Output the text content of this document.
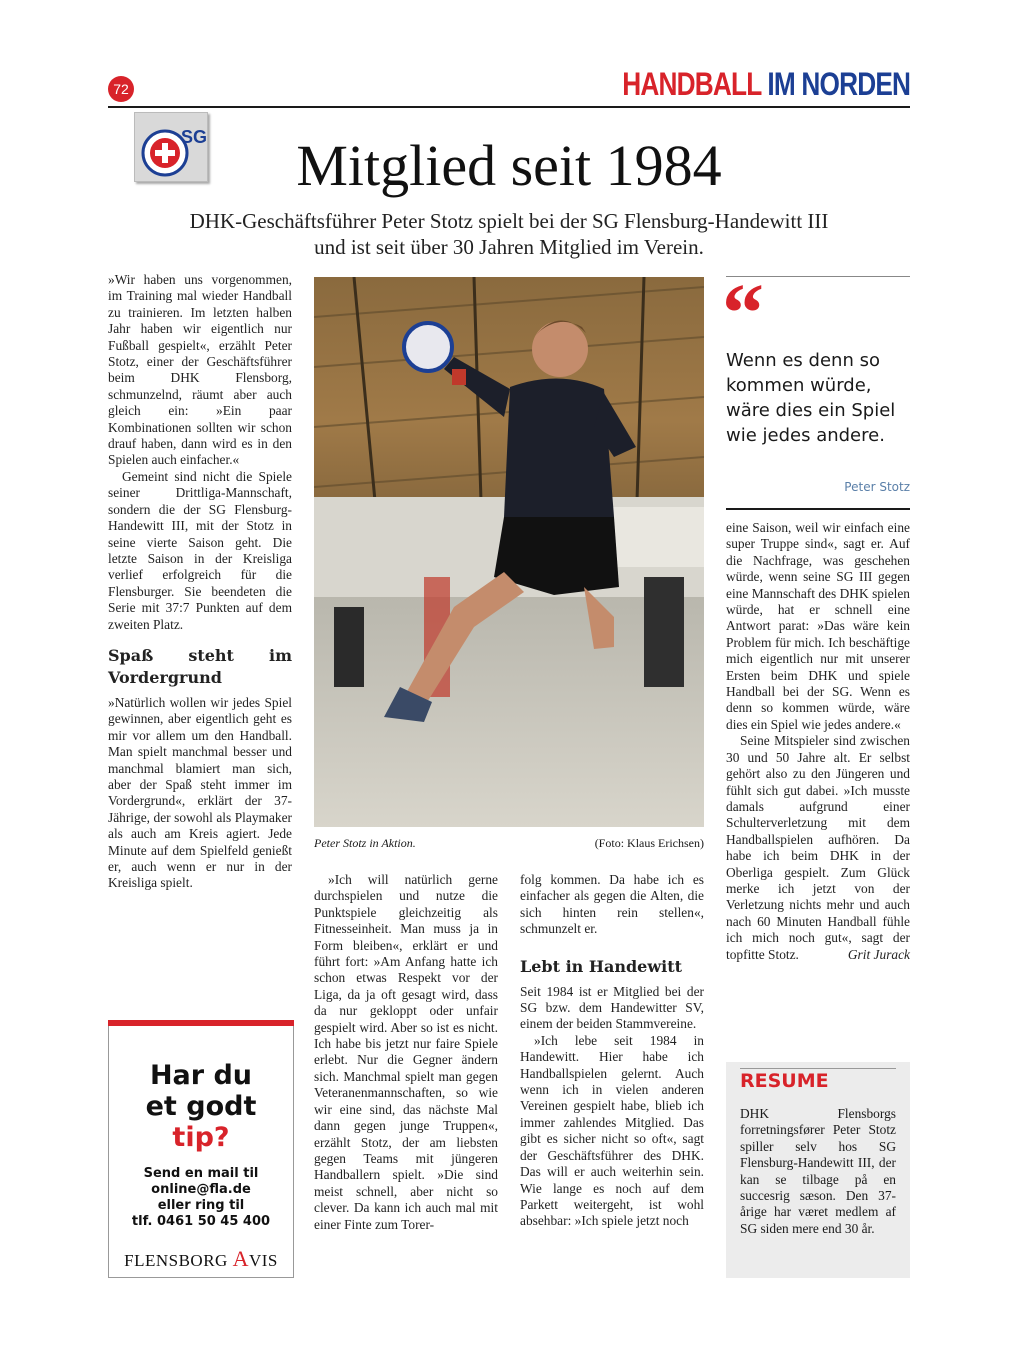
72	HANDBALL IM NORDEN
SG	Mitglied seit 1984
DHK-Geschäftsführer Peter Stotz spielt bei der SG Flensburg-Handewitt III
und ist seit über 30 Jahren Mitglied im Verein.

»Wir haben uns vorgenommen, im Training mal wieder Handball zu trainieren. Im letzten halben Jahr haben wir eigentlich nur Fußball gespielt«, erzählt Peter Stotz, einer der Geschäftsführer beim DHK Flensborg, schmunzelnd, räumt aber auch gleich ein: »Ein paar Kombinationen sollten wir schon drauf haben, dann wird es in den Spielen auch einfacher.«

Gemeint sind nicht die Spiele seiner Drittliga-Mannschaft, sondern die der SG Flensburg-Handewitt III, mit der Stotz in seine vierte Saison geht. Die letzte Saison in der Kreisliga verlief erfolgreich für die Flensburger. Sie beendeten die Serie mit 37:7 Punkten auf dem zweiten Platz.

Spaß steht im Vordergrund

»Natürlich wollen wir jedes Spiel gewinnen, aber eigentlich geht es mir vor allem um den Handball. Man spielt manchmal besser und manchmal blamiert man sich, aber der Spaß steht immer im Vordergrund«, erklärt der 37-Jährige, der sowohl als Playmaker als auch am Kreis agiert. Jede Minute auf dem Spielfeld genießt er, auch wenn er nur in der Kreisliga spielt.

Har du
et godt
tip?
Send en mail til
online@fla.de
eller ring til
tlf. 0461 50 45 400
FLENSBORG AVIS
Peter Stotz in Aktion.	(Foto: Klaus Erichsen)

»Ich will natürlich gerne durchspielen und nutze die Punktspiele gleichzeitig als Fitnesseinheit. Man muss ja in Form bleiben«, erklärt er und führt fort: »Am Anfang hatte ich schon etwas Respekt vor der Liga, da ja oft gesagt wird, dass da nur gekloppt oder unfair gespielt wird. Aber so ist es nicht. Ich habe bis jetzt nur faire Spiele erlebt. Nur die Gegner ändern sich. Manchmal spielt man gegen Veteranenmannschaften, so wie wir eine sind, das nächste Mal dann gegen junge Truppen«, erzählt Stotz, der am liebsten gegen Teams mit jüngeren Handballern spielt. »Die sind meist schnell, aber nicht so clever. Da kann ich auch mal mit einer Finte zum Torer-

folg kommen. Da habe ich es einfacher als gegen die Alten, die sich hinten rein stellen«, schmunzelt er.

Lebt in Handewitt

Seit 1984 ist er Mitglied bei der SG bzw. dem Handewitter SV, einem der beiden Stammvereine.

»Ich lebe seit 1984 in Handewitt. Hier habe ich Handballspielen gelernt. Auch wenn ich in vielen anderen Vereinen gespielt habe, blieb ich immer zahlendes Mitglied. Das gibt es sicher nicht so oft«, sagt der Geschäftsführer des DHK. Das will er auch weiterhin sein. Wie lange es noch auf dem Parkett weitergeht, ist wohl absehbar: »Ich spiele jetzt noch

“
Wenn es denn so kommen würde, wäre dies ein Spiel wie jedes andere.
Peter Stotz

eine Saison, weil wir einfach eine super Truppe sind«, sagt er. Auf die Nachfrage, was geschehen würde, wenn seine SG III gegen eine Mannschaft des DHK spielen würde, hat er schnell eine Antwort parat: »Das wäre kein Problem für mich. Ich beschäftige mich eigentlich nur mit unserer Ersten beim DHK und spiele Handball bei der SG. Wenn es denn so kommen würde, wäre dies ein Spiel wie jedes andere.«

Seine Mitspieler sind zwischen 30 und 50 Jahre alt. Er selbst gehört also zu den Jüngeren und fühlt sich gut dabei. »Ich musste damals aufgrund einer Schulterverletzung mit dem Handballspielen aufhören. Da habe ich beim DHK in der Oberliga gespielt. Zum Glück merke ich jetzt von der Verletzung nichts mehr und auch nach 60 Minuten Handball fühle ich mich noch gut«, sagt der topfitte Stotz.	Grit Jurack

RESUME
DHK Flensborgs forretningsfører Peter Stotz spiller selv hos SG Flensburg-Handewitt III, der kan se tilbage på en succesrig sæson. Den 37-årige har været medlem af SG siden mere end 30 år.
